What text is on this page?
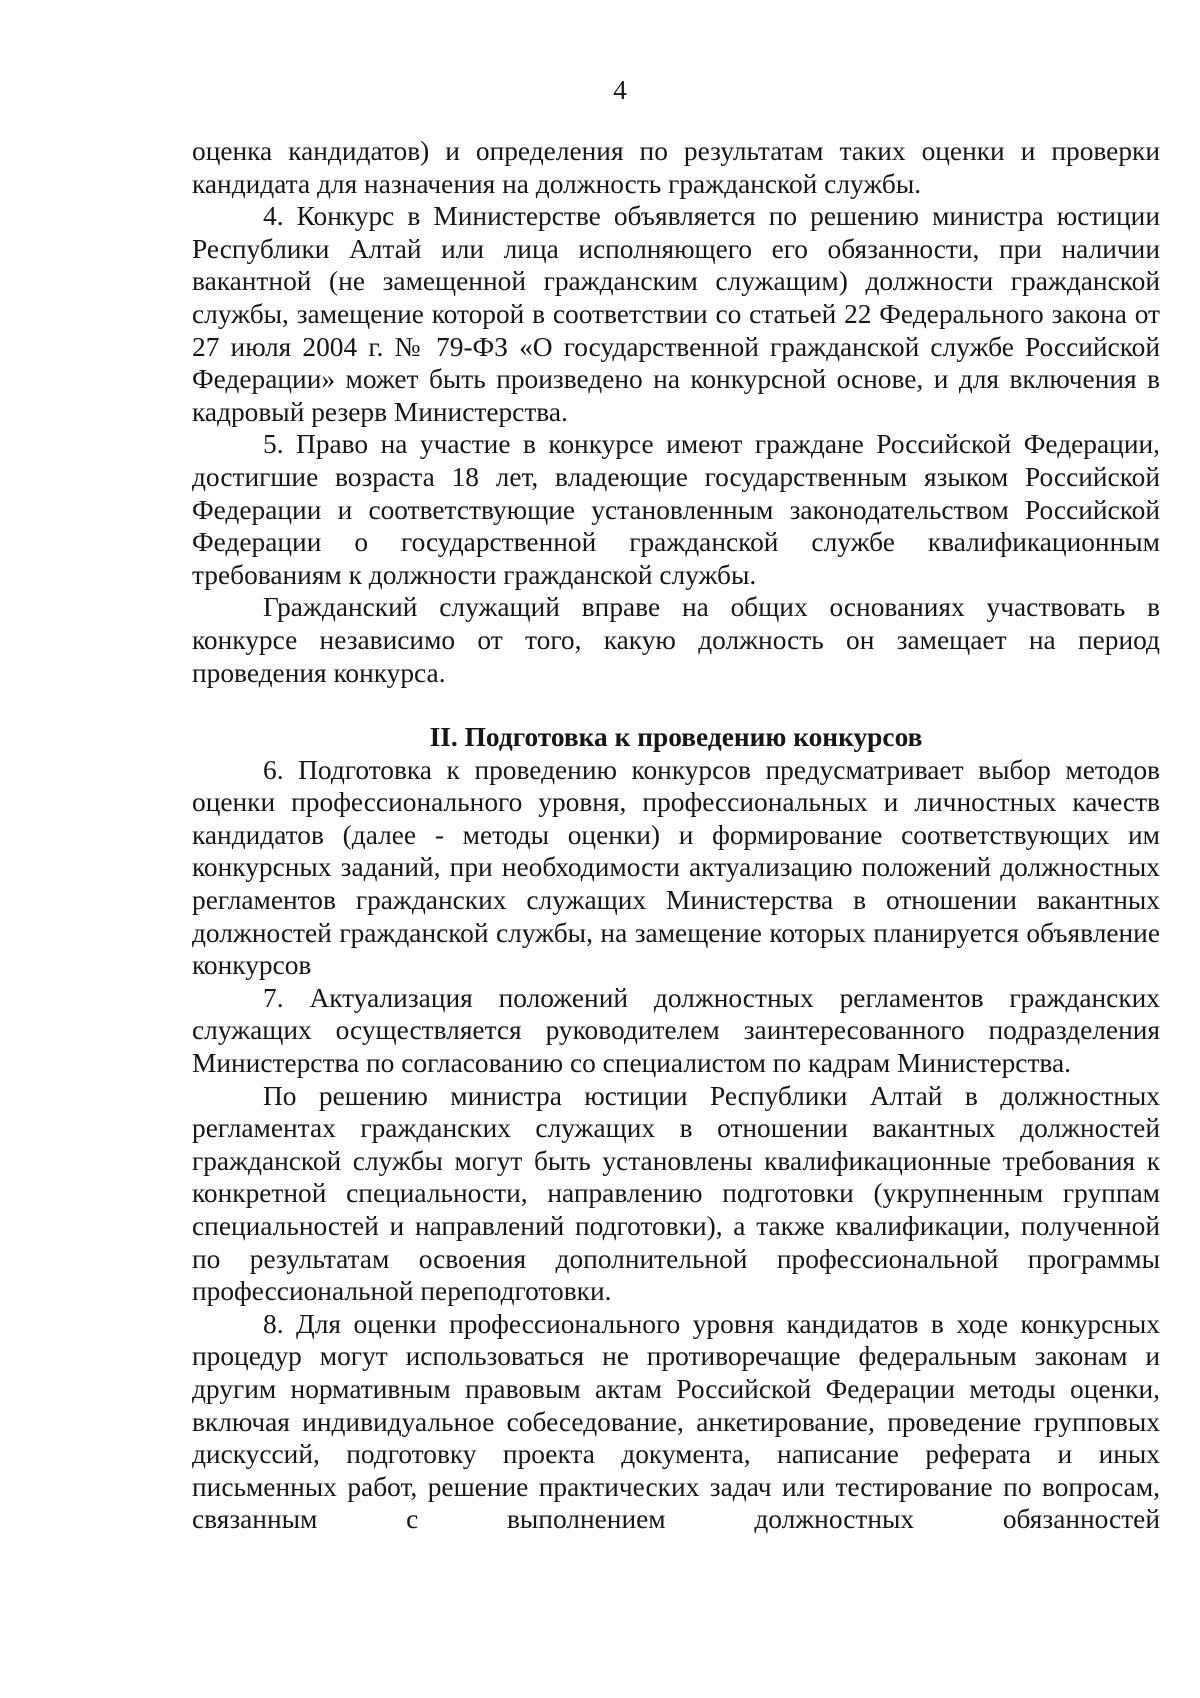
4

оценка кандидатов) и определения по результатам таких оценки и проверки кандидата для назначения на должность гражданской службы.

4. Конкурс в Министерстве объявляется по решению министра юстиции Республики Алтай или лица исполняющего его обязанности, при наличии вакантной (не замещенной гражданским служащим) должности гражданской службы, замещение которой в соответствии со статьей 22 Федерального закона от 27 июля 2004 г. № 79-ФЗ «О государственной гражданской службе Российской Федерации» может быть произведено на конкурсной основе, и для включения в кадровый резерв Министерства.

5. Право на участие в конкурсе имеют граждане Российской Федерации, достигшие возраста 18 лет, владеющие государственным языком Российской Федерации и соответствующие установленным законодательством Российской Федерации о государственной гражданской службе квалификационным требованиям к должности гражданской службы.

Гражданский служащий вправе на общих основаниях участвовать в конкурсе независимо от того, какую должность он замещает на период проведения конкурса.

II. Подготовка к проведению конкурсов

6. Подготовка к проведению конкурсов предусматривает выбор методов оценки профессионального уровня, профессиональных и личностных качеств кандидатов (далее - методы оценки) и формирование соответствующих им конкурсных заданий, при необходимости актуализацию положений должностных регламентов гражданских служащих Министерства в отношении вакантных должностей гражданской службы, на замещение которых планируется объявление конкурсов

7. Актуализация положений должностных регламентов гражданских служащих осуществляется руководителем заинтересованного подразделения Министерства по согласованию со специалистом по кадрам Министерства.

По решению министра юстиции Республики Алтай в должностных регламентах гражданских служащих в отношении вакантных должностей гражданской службы могут быть установлены квалификационные требования к конкретной специальности, направлению подготовки (укрупненным группам специальностей и направлений подготовки), а также квалификации, полученной по результатам освоения дополнительной профессиональной программы профессиональной переподготовки.

8. Для оценки профессионального уровня кандидатов в ходе конкурсных процедур могут использоваться не противоречащие федеральным законам и другим нормативным правовым актам Российской Федерации методы оценки, включая индивидуальное собеседование, анкетирование, проведение групповых дискуссий, подготовку проекта документа, написание реферата и иных письменных работ, решение практических задач или тестирование по вопросам, связанным с выполнением должностных обязанностей
